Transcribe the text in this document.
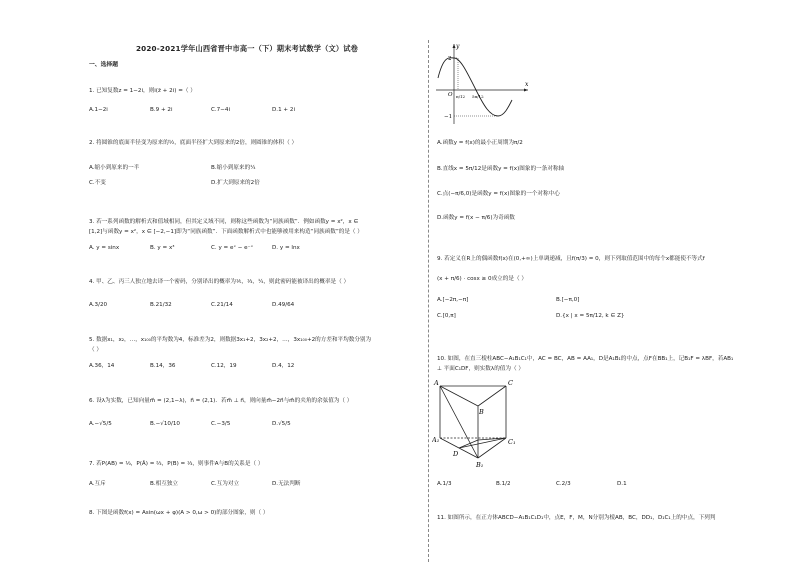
2020-2021学年山西省晋中市高一（下）期末考试数学（文）试卷
一、选择题
1. 已知复数z = 1−2i，则i(z̄ + 2i) =（ ）
A.1−2i	B.9 + 2i	C.7−4i	D.1 + 2i
2. 将圆锥的底面半径变为原来的½，底面半径扩大到原来的2倍，则圆锥的体积（ ）
A.缩小到原来的一半	B.缩小到原来的¼
C.不变	D.扩大到原来的2倍
3. 若一系列函数的解析式和值域相同，但其定义域不同，则称这些函数为“同族函数”．例如函数y = x²，x ∈
[1,2]与函数y = x²，x ∈ [−2,−1]即为“同族函数”．下面函数解析式中也能够被用来构造“同族函数”的是（ ）
A. y = sinx	B. y = x³	C. y = eˣ − e⁻ˣ	D. y = lnx
4. 甲、乙、丙三人独立地去译一个密码，分别译出的概率为⅕，⅓，¼，则此密码能被译出的概率是（ ）
A.3/20	B.21/32	C.21/14	D.49/64
5. 数据x₁，x₂，…，x₁₀₀的平均数为4，标准差为2，则数据3x₁+2，3x₂+2，…，3x₁₀₀+2的方差和平均数分别为
（ ）
A.36，14	B.14，36	C.12，19	D.4，12
6. 设λ为实数，已知向量m⃗ = (2,1−λ)，n⃗ = (2,1)．若m⃗ ⊥ n⃗，则向量m⃗−2n⃗与m⃗的夹角的余弦值为（ ）
A.−√5/5	B.−√10/10	C.−3/5	D.√5/5
7. 若P(AB) = ⅑，P(Ā) = ⅔，P(B) = ⅓，则事件A与B的关系是（ ）
A.互斥	B.相互独立	C.互为对立	D.无法判断
8. 下图是函数f(x) = Asin(ωx + φ)(A > 0,ω > 0)的部分图象，则（ ）
y
x
O
2
−1
π/12 5π/12
A.函数y = f(x)的最小正周期为π/2
B.直线x = 5π/12是函数y = f(x)图象的一条对称轴
C.点(−π/6,0)是函数y = f(x)图象的一个对称中心
D.函数y = f(x − π/6)为奇函数
9. 若定义在R上的偶函数f(x)在(0,+∞)上单调递减，且f(π/3) = 0，则下列取值范围中的每个x都能使不等式f
(x + π/6) · cosx ≥ 0成立的是（ ）
A.[−2π,−π]	B.[−π,0]
C.[0,π]	D.{x | x = 5π/12, k ∈ Z}
10. 如图，在直三棱柱ABC−A₁B₁C₁中，AC = BC，AB = AA₁，D是A₁B₁的中点，点F在BB₁上，记B₁F = λBF，若AB₁
⊥ 平面C₁DF，则实数λ的值为（ ）
A	C
B
A₁
D
C₁
B₁
A.1/3	B.1/2	C.2/3	D.1
11. 如图所示，在正方体ABCD−A₁B₁C₁D₁中，点E，F，M，N分别为棱AB，BC，DD₁，D₁C₁上的中点，下列判
